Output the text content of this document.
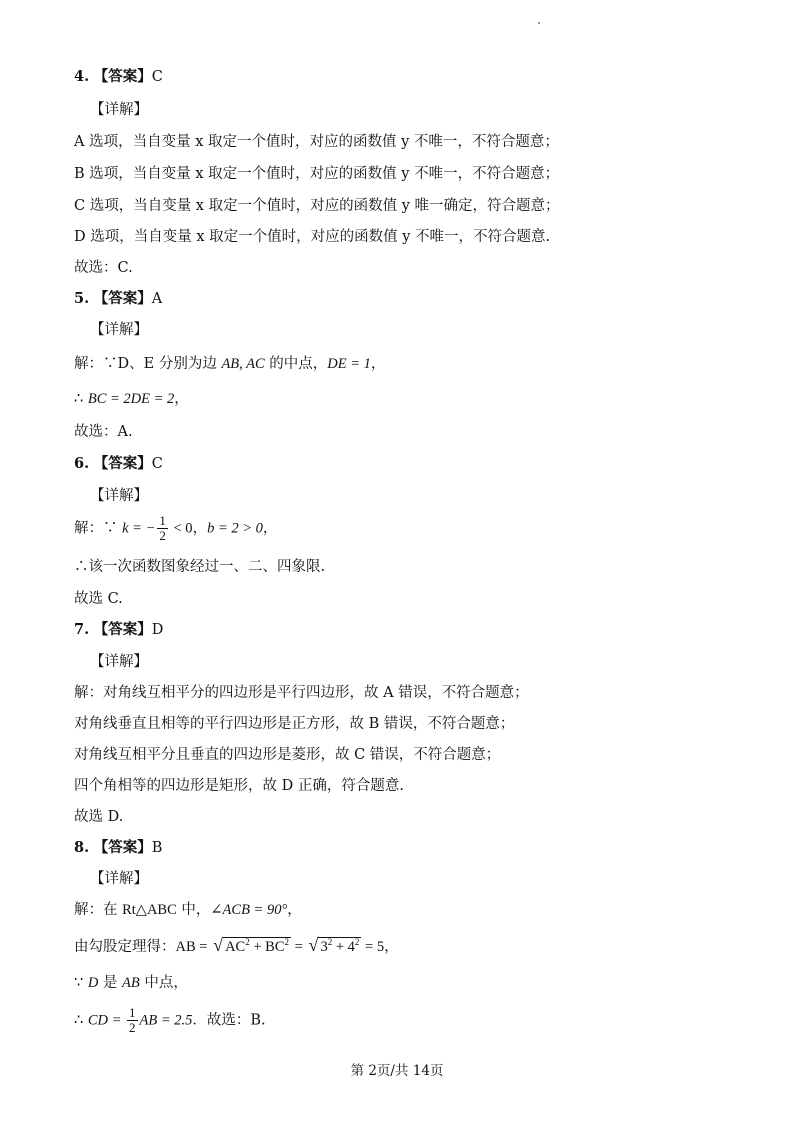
4. 【答案】C
【详解】
A 选项，当自变量 x 取定一个值时，对应的函数值 y 不唯一，不符合题意；
B 选项，当自变量 x 取定一个值时，对应的函数值 y 不唯一，不符合题意；
C 选项，当自变量 x 取定一个值时，对应的函数值 y 唯一确定，符合题意；
D 选项，当自变量 x 取定一个值时，对应的函数值 y 不唯一，不符合题意.
故选：C.
5. 【答案】A
【详解】
解：∵D、E 分别为边 AB, AC 的中点，DE = 1，
∴ BC = 2DE = 2，
故选：A.
6. 【答案】C
【详解】
解：∵ k = − $\frac{1}{2} < 0$，b = 2 > 0，
∴该一次函数图象经过一、二、四象限.
故选 C.
7. 【答案】D
【详解】
解：对角线互相平分的四边形是平行四边形，故 A 错误，不符合题意；
对角线垂直且相等的平行四边形是正方形，故 B 错误，不符合题意；
对角线互相平分且垂直的四边形是菱形，故 C 错误，不符合题意；
四个角相等的四边形是矩形，故 D 正确，符合题意.
故选 D.
8. 【答案】B
【详解】
解：在 Rt△ABC 中，∠ACB = 90°，
由勾股定理得：AB = √ $AC^2 + BC^2$ = √ $3^2 + 4^2 = 5$，
∵ D 是 AB 中点，
∴ CD = $\frac{1}{2}$ AB = 2.5．故选：B.
第 2页/共 14页
